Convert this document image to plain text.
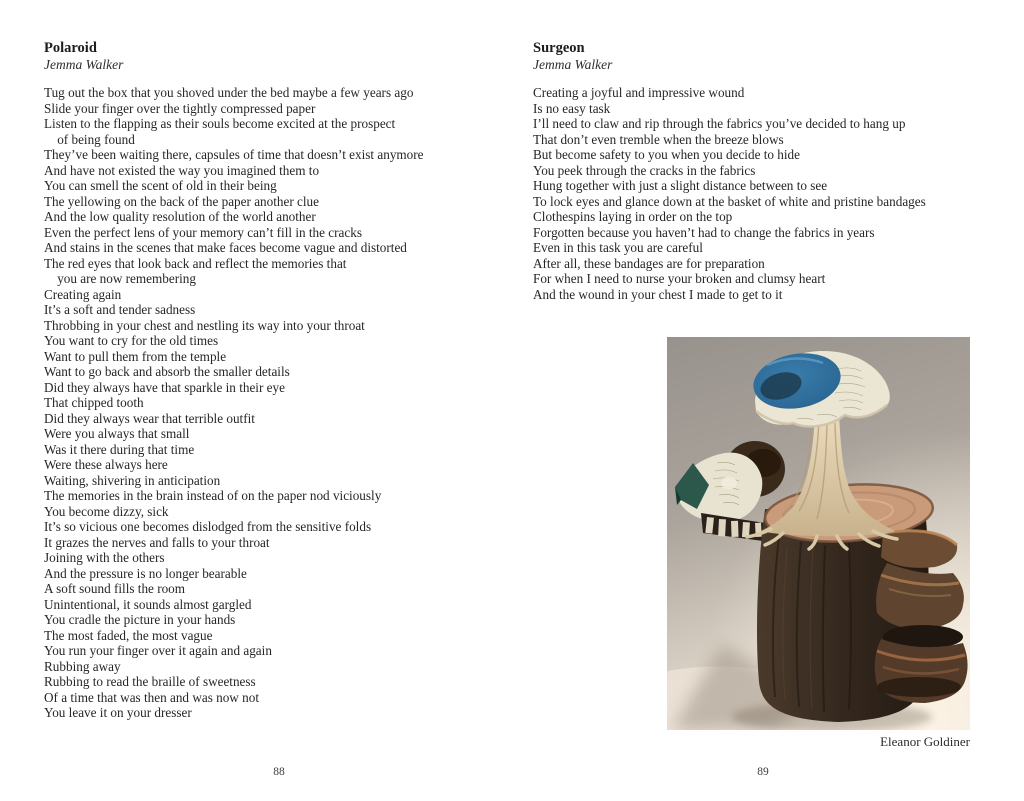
Polaroid

Jemma Walker

Tug out the box that you shoved under the bed maybe a few years ago
Slide your finger over the tightly compressed paper
Listen to the flapping as their souls become excited at the prospect
of being found
They’ve been waiting there, capsules of time that doesn’t exist anymore
And have not existed the way you imagined them to
You can smell the scent of old in their being
The yellowing on the back of the paper another clue
And the low quality resolution of the world another
Even the perfect lens of your memory can’t fill in the cracks
And stains in the scenes that make faces become vague and distorted
The red eyes that look back and reflect the memories that
you are now remembering
Creating again
It’s a soft and tender sadness
Throbbing in your chest and nestling its way into your throat
You want to cry for the old times
Want to pull them from the temple
Want to go back and absorb the smaller details
Did they always have that sparkle in their eye
That chipped tooth
Did they always wear that terrible outfit
Were you always that small
Was it there during that time
Were these always here
Waiting, shivering in anticipation
The memories in the brain instead of on the paper nod viciously
You become dizzy, sick
It’s so vicious one becomes dislodged from the sensitive folds
It grazes the nerves and falls to your throat
Joining with the others
And the pressure is no longer bearable
A soft sound fills the room
Unintentional, it sounds almost gargled
You cradle the picture in your hands
The most faded, the most vague
You run your finger over it again and again
Rubbing away
Rubbing to read the braille of sweetness
Of a time that was then and was now not
You leave it on your dresser
88
Surgeon

Jemma Walker

Creating a joyful and impressive wound
Is no easy task
I’ll need to claw and rip through the fabrics you’ve decided to hang up
That don’t even tremble when the breeze blows
But become safety to you when you decide to hide
You peek through the cracks in the fabrics
Hung together with just a slight distance between to see
To lock eyes and glance down at the basket of white and pristine bandages
Clothespins laying in order on the top
Forgotten because you haven’t had to change the fabrics in years
Even in this task you are careful
After all, these bandages are for preparation
For when I need to nurse your broken and clumsy heart
And the wound in your chest I made to get to it
Eleanor Goldiner
89
